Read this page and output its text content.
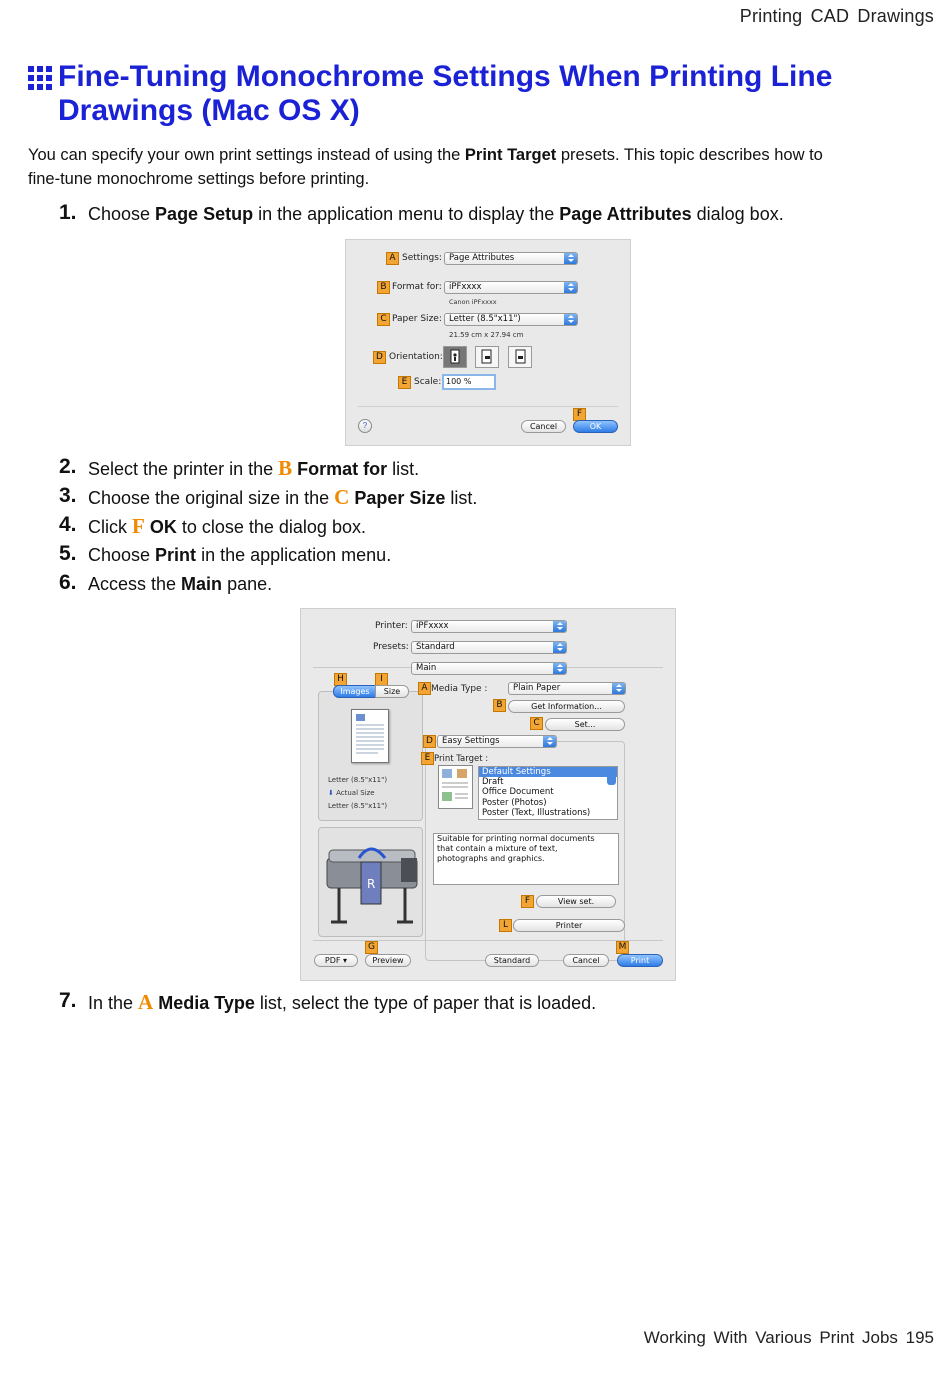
Printing CAD Drawings
Fine-Tuning Monochrome Settings When Printing Line
Drawings (Mac OS X)
You can specify your own print settings instead of using the Print Target presets. This topic describes how to
fine-tune monochrome settings before printing.
1. Choose Page Setup in the application menu to display the Page Attributes dialog box.
A Settings: Page Attributes
B Format for: iPFxxxx
Canon iPFxxxx
C Paper Size: Letter (8.5"x11")
21.59 cm x 27.94 cm
D Orientation:
E Scale: 100 %
?	Cancel
F
OK
2. Select the printer in the B Format for list.
3. Choose the original size in the C Paper Size list.
4. Click F OK to close the dialog box.
5. Choose Print in the application menu.
6. Access the Main pane.
Printer: iPFxxxx
Presets: Standard
Main
H	I
Images	Size
Letter (8.5"x11")
⬇ Actual Size
Letter (8.5"x11")
R
A Media Type :	Plain Paper
B	Get Information...
C	Set...
D	Easy Settings
E Print Target :
Default Settings
Draft
Office Document
Poster (Photos)
Poster (Text, Illustrations)
Suitable for printing normal documents
that contain a mixture of text,
photographs and graphics.
F	View set.
L	Printer
G	M
PDF ▾	Preview	Standard	Cancel	Print
7. In the A Media Type list, select the type of paper that is loaded.
Working With Various Print Jobs 195
